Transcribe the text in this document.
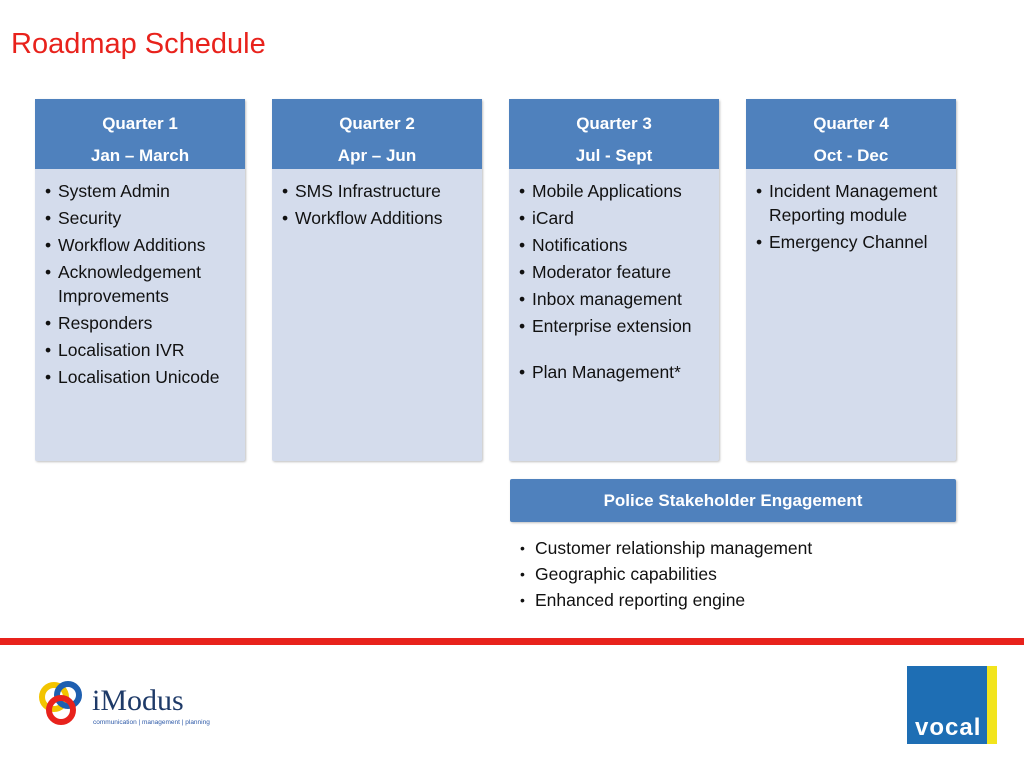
Roadmap Schedule
Quarter 1
Jan – March
• System Admin
• Security
• Workflow Additions
• Acknowledgement Improvements
• Responders
• Localisation IVR
• Localisation Unicode
Quarter 2
Apr – Jun
• SMS Infrastructure
• Workflow Additions
Quarter 3
Jul - Sept
• Mobile Applications
• iCard
• Notifications
• Moderator feature
• Inbox management
• Enterprise extension
• Plan Management*
Quarter 4
Oct - Dec
• Incident Management Reporting module
• Emergency Channel
Police Stakeholder Engagement
• Customer relationship management
• Geographic capabilities
• Enhanced reporting engine
iModus
communication | management | planning	vocal
